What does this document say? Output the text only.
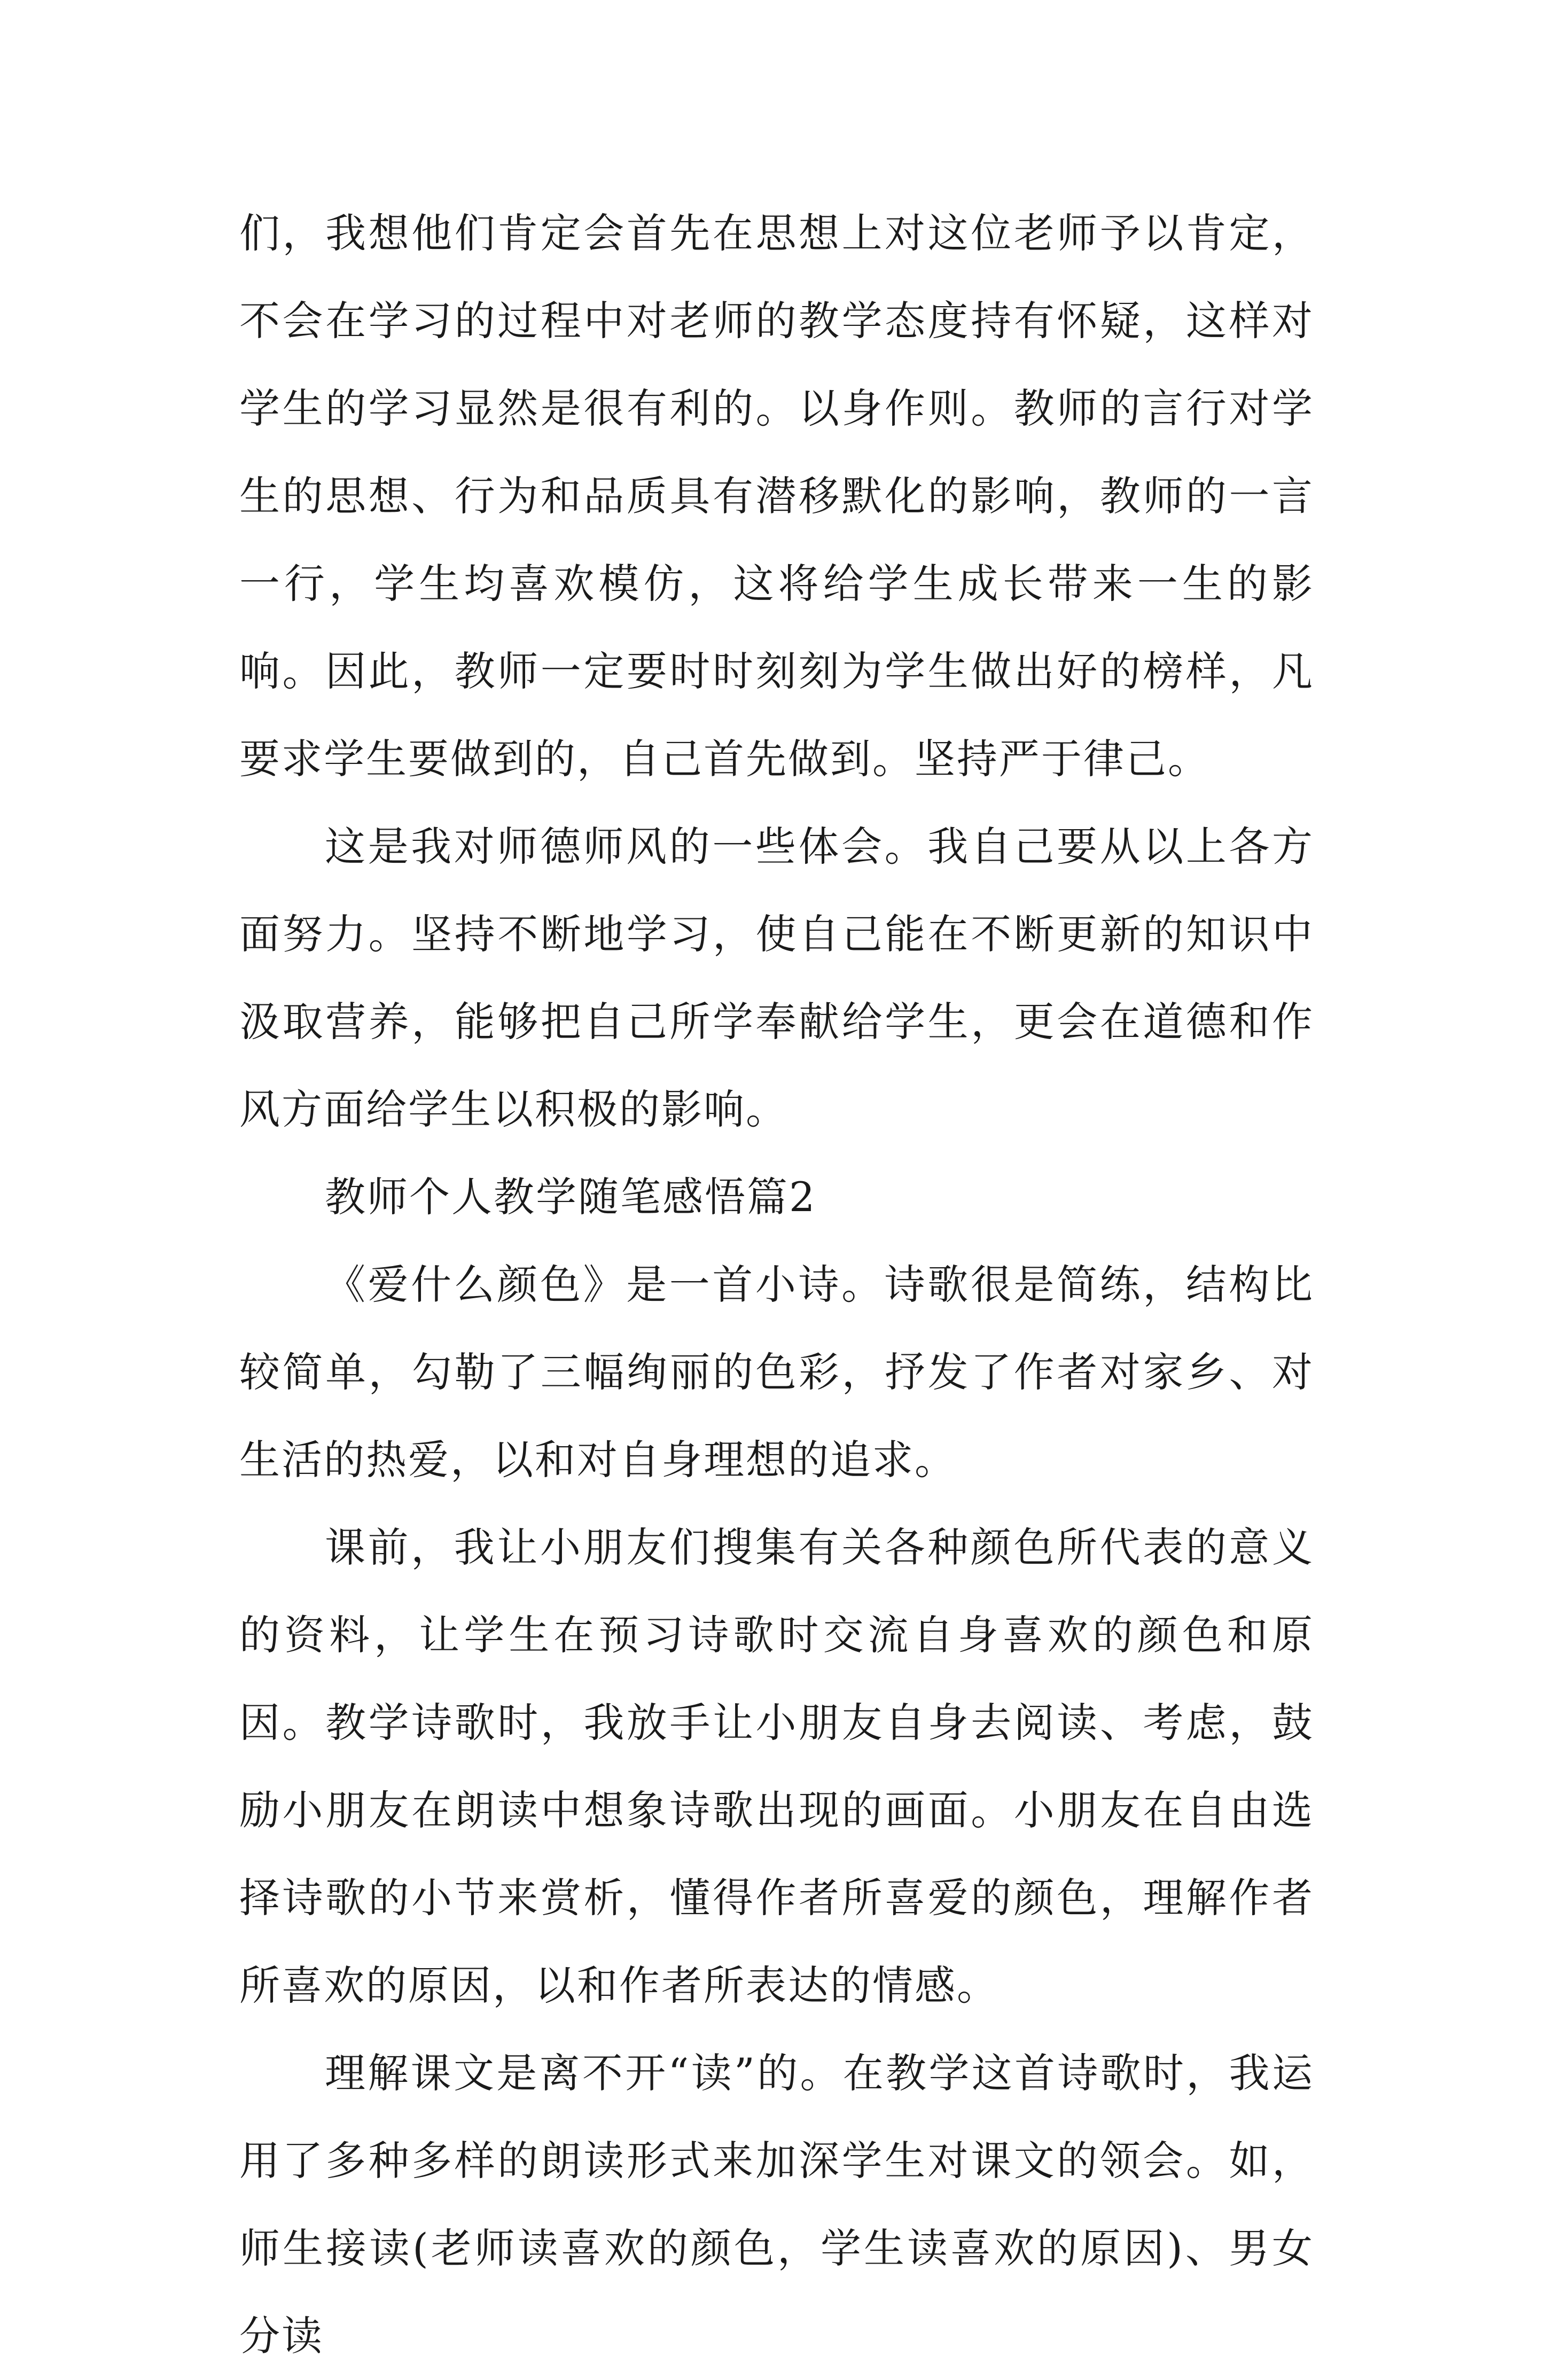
们，我想他们肯定会首先在思想上对这位老师予以肯定，不会在学习的过程中对老师的教学态度持有怀疑，这样对学生的学习显然是很有利的。以身作则。教师的言行对学生的思想、行为和品质具有潜移默化的影响，教师的一言一行，学生均喜欢模仿，这将给学生成长带来一生的影响。因此，教师一定要时时刻刻为学生做出好的榜样，凡要求学生要做到的，自己首先做到。坚持严于律己。

这是我对师德师风的一些体会。我自己要从以上各方面努力。坚持不断地学习，使自己能在不断更新的知识中汲取营养，能够把自己所学奉献给学生，更会在道德和作风方面给学生以积极的影响。

教师个人教学随笔感悟篇2

《爱什么颜色》是一首小诗。诗歌很是简练，结构比较简单，勾勒了三幅绚丽的色彩，抒发了作者对家乡、对生活的热爱，以和对自身理想的追求。

课前，我让小朋友们搜集有关各种颜色所代表的意义的资料，让学生在预习诗歌时交流自身喜欢的颜色和原因。教学诗歌时，我放手让小朋友自身去阅读、考虑，鼓励小朋友在朗读中想象诗歌出现的画面。小朋友在自由选择诗歌的小节来赏析，懂得作者所喜爱的颜色，理解作者所喜欢的原因，以和作者所表达的情感。

理解课文是离不开“读”的。在教学这首诗歌时，我运用了多种多样的朗读形式来加深学生对课文的领会。如，师生接读(老师读喜欢的颜色，学生读喜欢的原因)、男女分读
